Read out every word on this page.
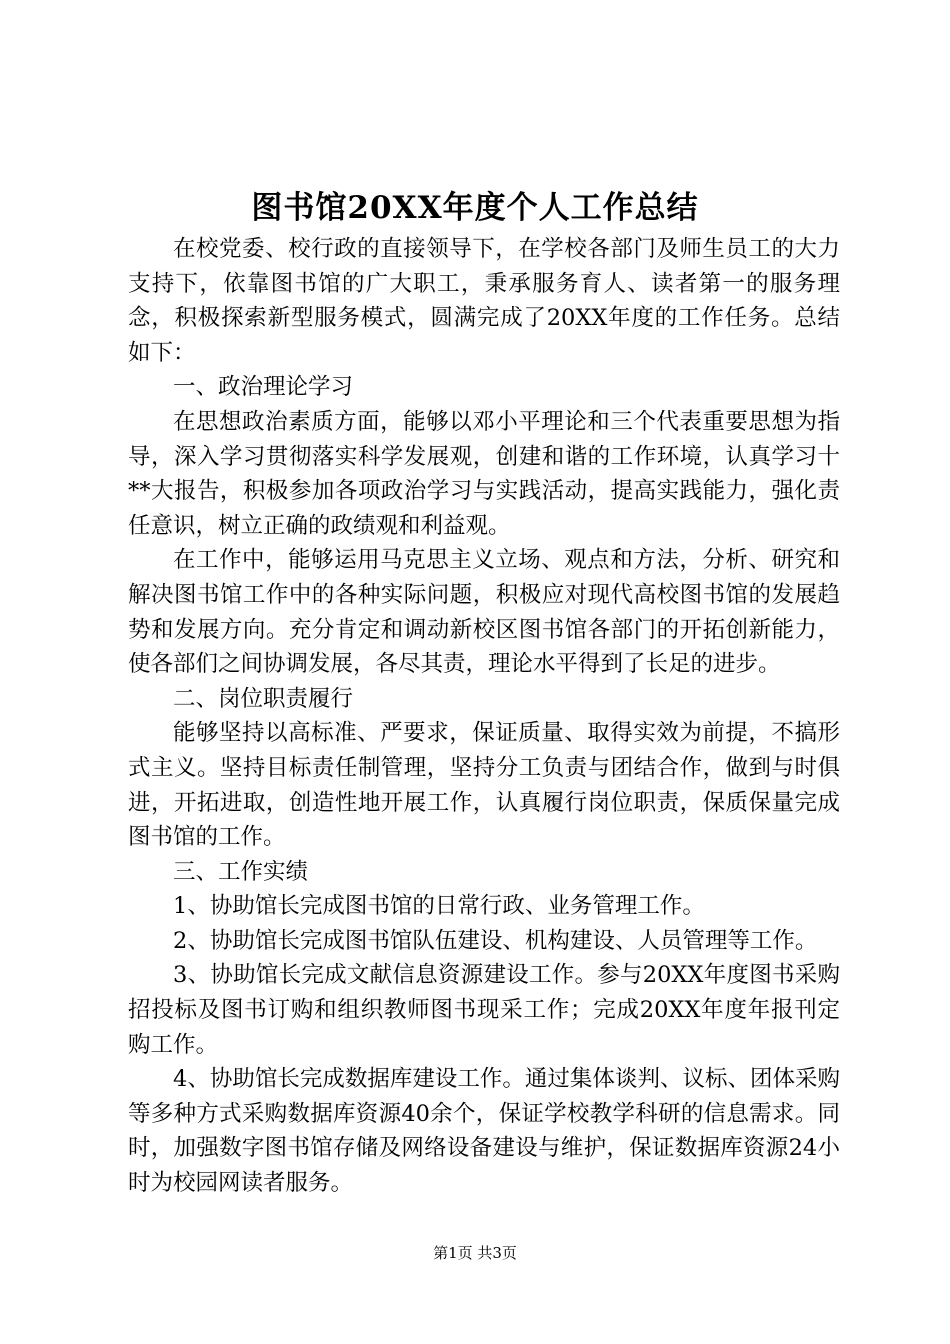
图书馆20XX年度个人工作总结

在校党委、校行政的直接领导下，在学校各部门及师生员工的大力支持下，依靠图书馆的广大职工，秉承服务育人、读者第一的服务理念，积极探索新型服务模式，圆满完成了20XX年度的工作任务。总结如下：

一、政治理论学习

在思想政治素质方面，能够以邓小平理论和三个代表重要思想为指导，深入学习贯彻落实科学发展观，创建和谐的工作环境，认真学习十**大报告，积极参加各项政治学习与实践活动，提高实践能力，强化责任意识，树立正确的政绩观和利益观。

在工作中，能够运用马克思主义立场、观点和方法，分析、研究和解决图书馆工作中的各种实际问题，积极应对现代高校图书馆的发展趋势和发展方向。充分肯定和调动新校区图书馆各部门的开拓创新能力，使各部们之间协调发展，各尽其责，理论水平得到了长足的进步。

二、岗位职责履行

能够坚持以高标准、严要求，保证质量、取得实效为前提，不搞形式主义。坚持目标责任制管理，坚持分工负责与团结合作，做到与时俱进，开拓进取，创造性地开展工作，认真履行岗位职责，保质保量完成图书馆的工作。

三、工作实绩

1、协助馆长完成图书馆的日常行政、业务管理工作。

2、协助馆长完成图书馆队伍建设、机构建设、人员管理等工作。

3、协助馆长完成文献信息资源建设工作。参与20XX年度图书采购招投标及图书订购和组织教师图书现采工作；完成20XX年度年报刊定购工作。

4、协助馆长完成数据库建设工作。通过集体谈判、议标、团体采购等多种方式采购数据库资源40余个，保证学校教学科研的信息需求。同时，加强数字图书馆存储及网络设备建设与维护，保证数据库资源24小时为校园网读者服务。

第1页 共3页
